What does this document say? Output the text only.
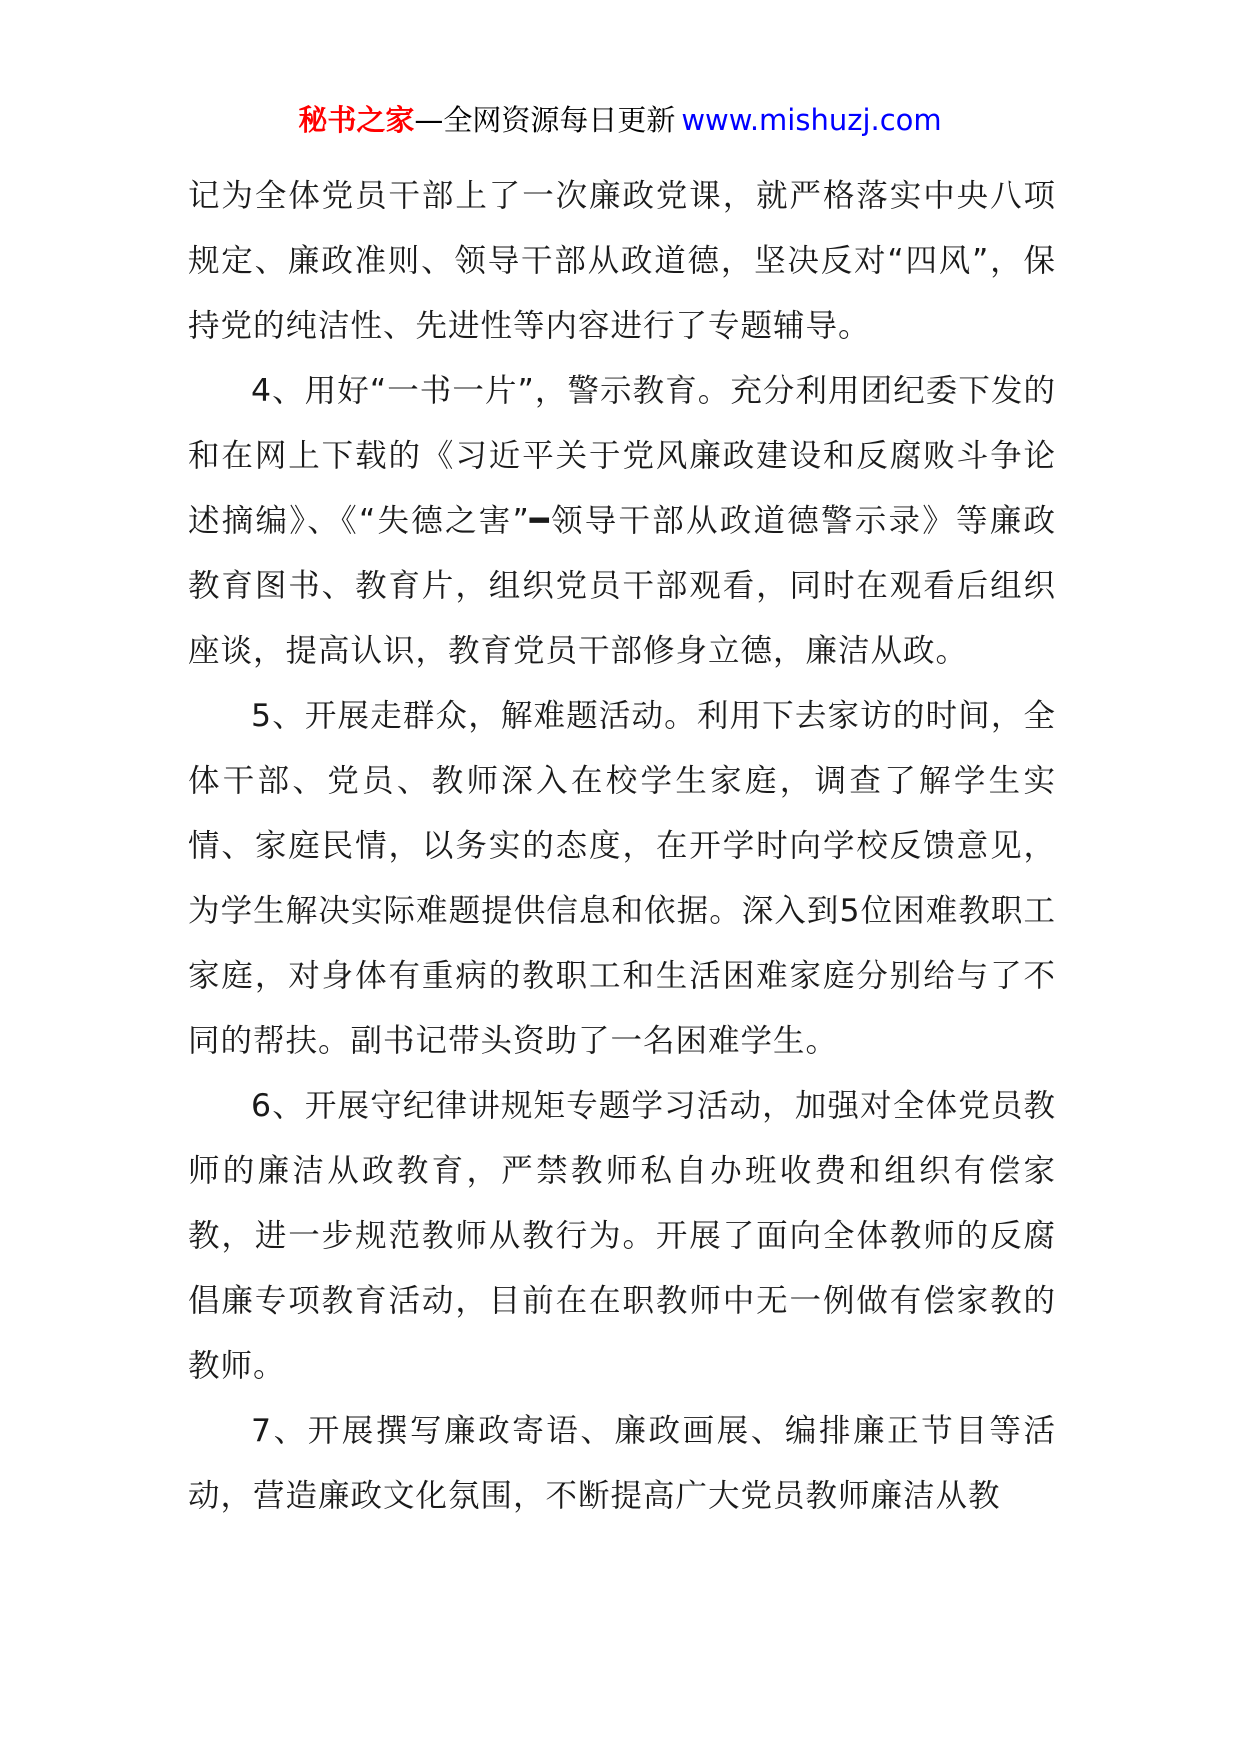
秘书之家—全网资源每日更新 www.mishuzj.com

记为全体党员干部上了一次廉政党课，就严格落实中央八项规定、廉政准则、领导干部从政道德，坚决反对“四风”，保持党的纯洁性、先进性等内容进行了专题辅导。

4、用好“一书一片”，警示教育。充分利用团纪委下发的和在网上下载的《习近平关于党风廉政建设和反腐败斗争论述摘编》、《“失德之害”━领导干部从政道德警示录》等廉政教育图书、教育片，组织党员干部观看，同时在观看后组织座谈，提高认识，教育党员干部修身立德，廉洁从政。

5、开展走群众，解难题活动。利用下去家访的时间，全体干部、党员、教师深入在校学生家庭，调查了解学生实情、家庭民情，以务实的态度，在开学时向学校反馈意见，为学生解决实际难题提供信息和依据。深入到5位困难教职工家庭，对身体有重病的教职工和生活困难家庭分别给与了不同的帮扶。副书记带头资助了一名困难学生。

6、开展守纪律讲规矩专题学习活动，加强对全体党员教师的廉洁从政教育，严禁教师私自办班收费和组织有偿家教，进一步规范教师从教行为。开展了面向全体教师的反腐倡廉专项教育活动，目前在在职教师中无一例做有偿家教的教师。

7、开展撰写廉政寄语、廉政画展、编排廉正节目等活动，营造廉政文化氛围，不断提高广大党员教师廉洁从教
